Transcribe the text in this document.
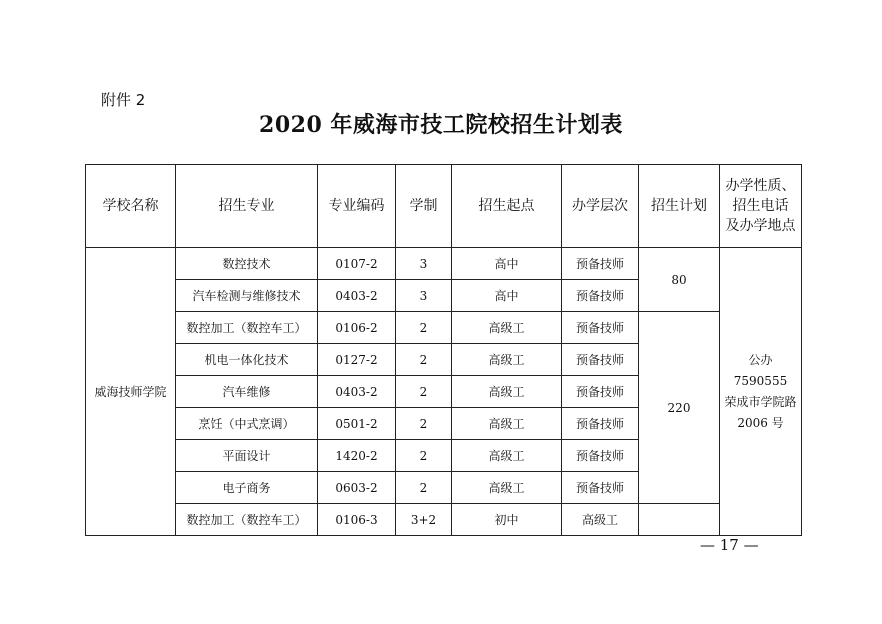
附件 2
2020 年威海市技工院校招生计划表
学校名称	招生专业	专业编码	学制	招生起点	办学层次	招生计划	办学性质、
招生电话
及办学地点

威海技师学院	数控技术	0107-2	3	高中	预备技师	80	公办
7590555
荣成市学院路
2006 号

	汽车检测与维修技术	0403-2	3	高中	预备技师		
	数控加工（数控车工）	0106-2	2	高级工	预备技师	220	
	机电一体化技术	0127-2	2	高级工	预备技师		
	汽车维修	0403-2	2	高级工	预备技师		
	烹饪（中式烹调）	0501-2	2	高级工	预备技师		
	平面设计	1420-2	2	高级工	预备技师		
	电子商务	0603-2	2	高级工	预备技师		
	数控加工（数控车工）	0106-3	3+2	初中	高级工		
— 17 —
